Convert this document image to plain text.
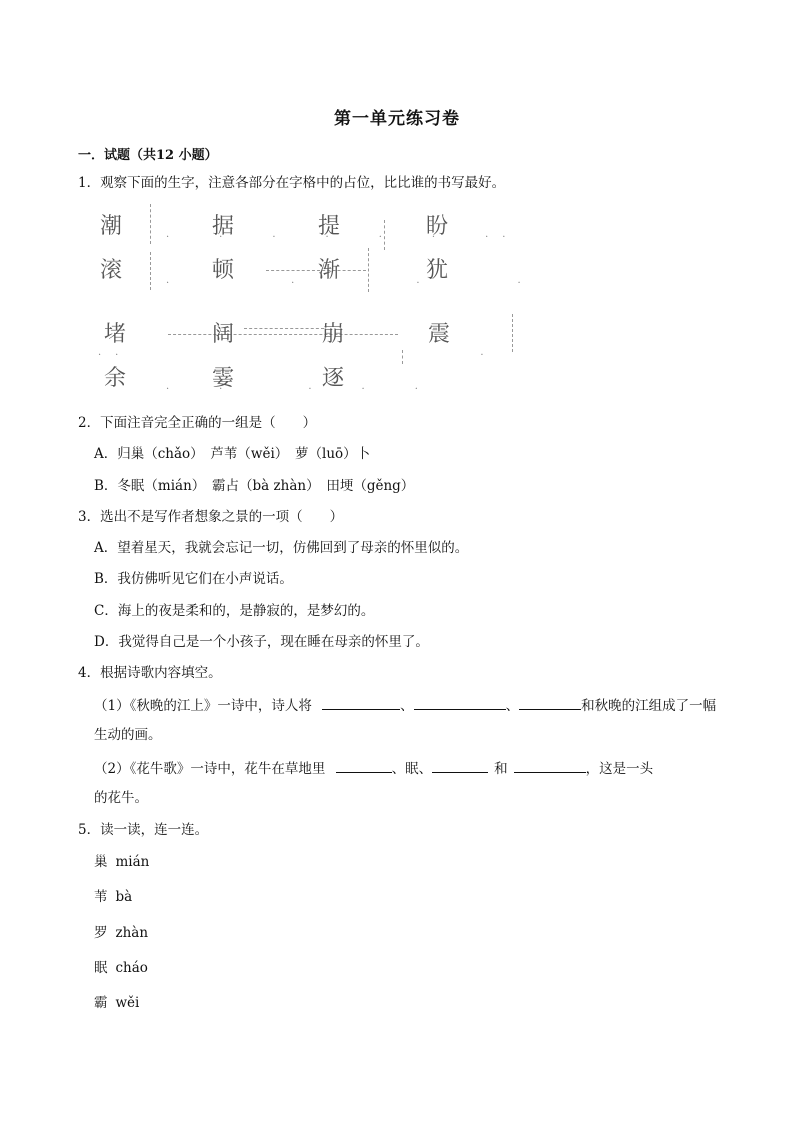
第一单元练习卷
一．试题（共12 小题）
1．观察下面的生字，注意各部分在字格中的占位，比比谁的书写最好。
潮	据	提	盼
·　　　　·　　　　·　　　　·　　　　·　　　　·　　　　·　·
滚	顿	渐	犹
·　　　　　　　　　　·　　　　　　　　　　·　　　　　　　　·
堵	阔	崩	震
·　·　　　　　　　　　　　　　　　　　　　　　　　　　　　　　　·
余	霎	逐
·　　　　·　　　　　　　·　　　　·　　　　·
2．下面注音完全正确的一组是（　　）
A．归巢（chǎo）　芦苇（wěi）　萝（luō）卜
B．冬眠（mián）　霸占（bà zhàn）　田埂（gěng）
3．选出不是写作者想象之景的一项（　　）
A．望着星天，我就会忘记一切，仿佛回到了母亲的怀里似的。
B．我仿佛听见它们在小声说话。
C．海上的夜是柔和的，是静寂的，是梦幻的。
D．我觉得自己是一个小孩子，现在睡在母亲的怀里了。
4．根据诗歌内容填空。
（1）《秋晚的江上》一诗中，诗人将	、	、	和秋晚的江组成了一幅
生动的画。
（2）《花牛歌》一诗中，花牛在草地里	、眠、	和	，这是一头
的花牛。
5．读一读，连一连。
巢 mián
苇 bà
罗 zhàn
眠 cháo
霸 wěi
